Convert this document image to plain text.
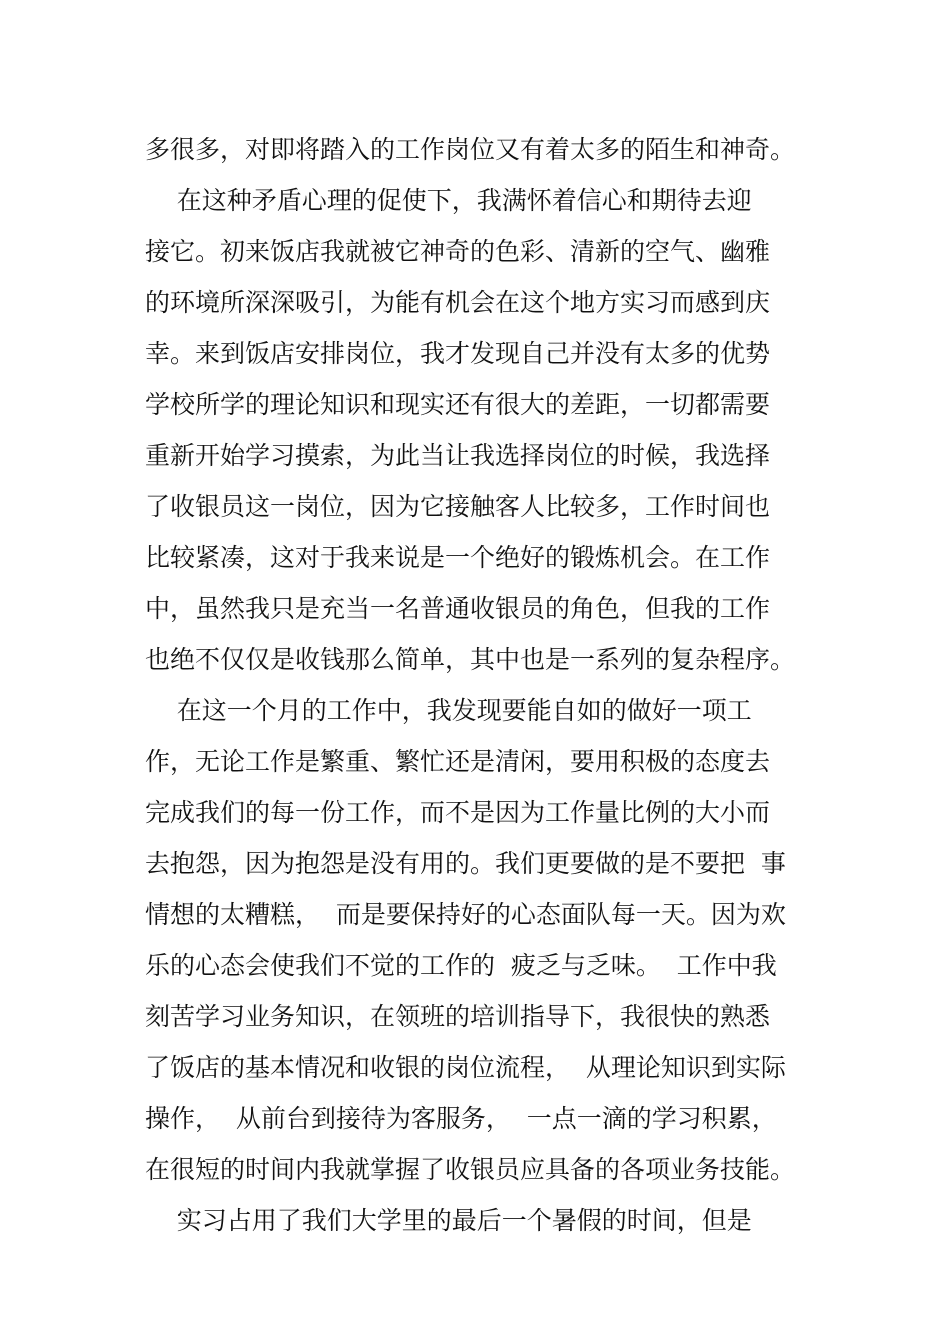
多很多，对即将踏入的工作岗位又有着太多的陌生和神奇。
在这种矛盾心理的促使下，我满怀着信心和期待去迎
接它。初来饭店我就被它神奇的色彩、清新的空气、幽雅
的环境所深深吸引，为能有机会在这个地方实习而感到庆
幸。来到饭店安排岗位，我才发现自己并没有太多的优势
学校所学的理论知识和现实还有很大的差距，一切都需要
重新开始学习摸索，为此当让我选择岗位的时候，我选择
了收银员这一岗位，因为它接触客人比较多，工作时间也
比较紧凑，这对于我来说是一个绝好的锻炼机会。在工作
中，虽然我只是充当一名普通收银员的角色，但我的工作
也绝不仅仅是收钱那么简单，其中也是一系列的复杂程序。
在这一个月的工作中，我发现要能自如的做好一项工
作，无论工作是繁重、繁忙还是清闲，要用积极的态度去
完成我们的每一份工作，而不是因为工作量比例的大小而
去抱怨，因为抱怨是没有用的。我们更要做的是不要把  事
情想的太糟糕，  而是要保持好的心态面队每一天。因为欢
乐的心态会使我们不觉的工作的  疲乏与乏味。  工作中我
刻苦学习业务知识，在领班的培训指导下，我很快的熟悉
了饭店的基本情况和收银的岗位流程，  从理论知识到实际
操作，  从前台到接待为客服务，  一点一滴的学习积累，
在很短的时间内我就掌握了收银员应具备的各项业务技能。
实习占用了我们大学里的最后一个暑假的时间，但是
